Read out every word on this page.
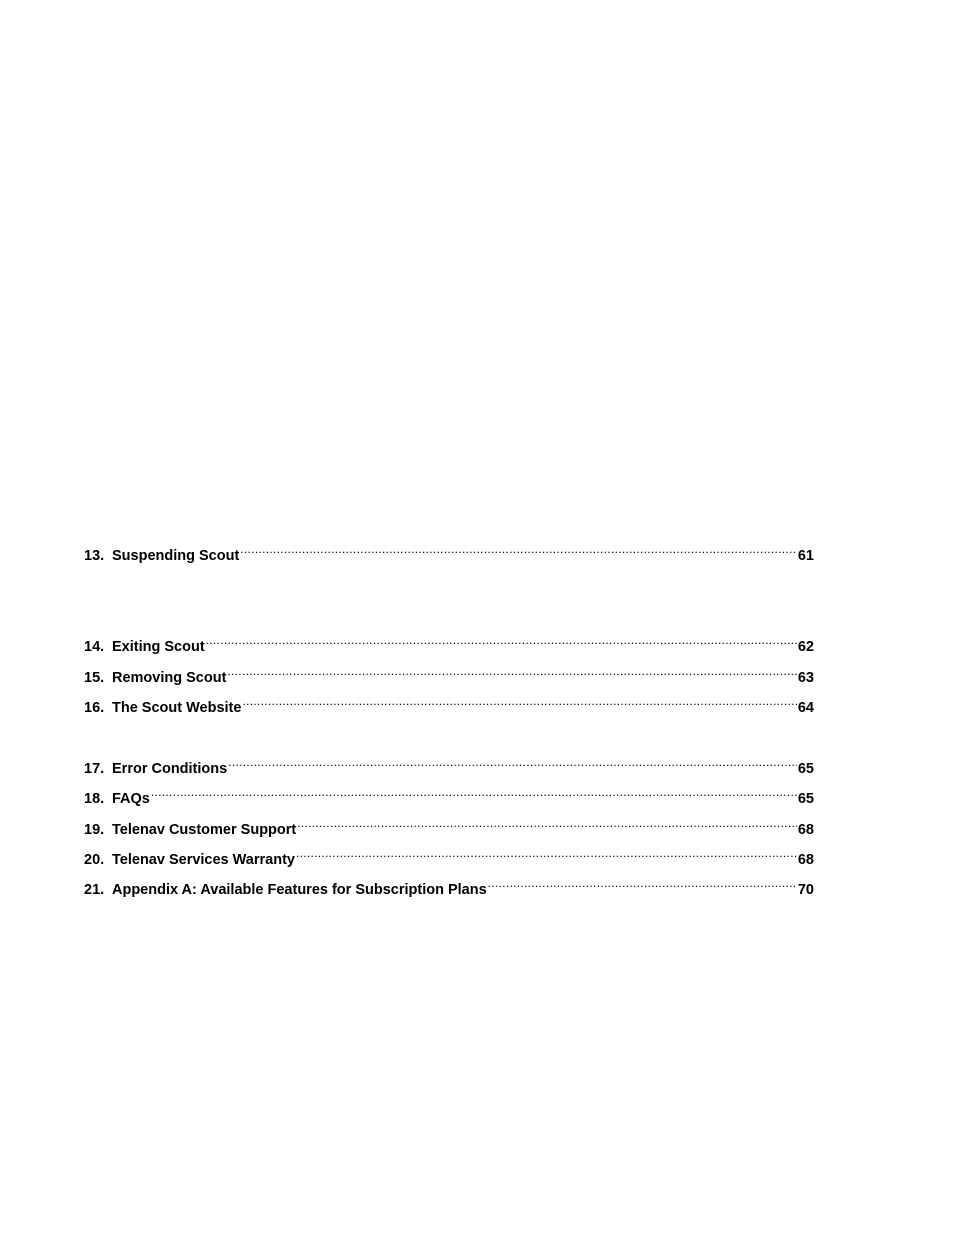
13. Suspending Scout .....	61
14. Exiting Scout .....	62
15. Removing Scout .....	63
16. The Scout Website .....	64
17. Error Conditions .....	65
18. FAQs .....	65
19. Telenav Customer Support .....	68
20. Telenav Services Warranty .....	68
21. Appendix A: Available Features for Subscription Plans .....	70
